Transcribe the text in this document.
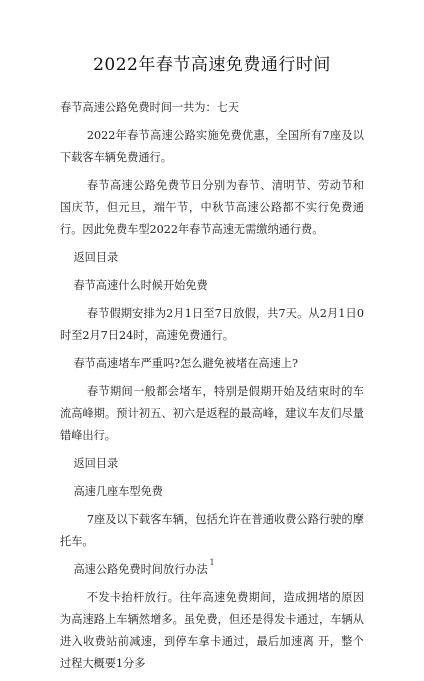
2022年春节高速免费通行时间

春节高速公路免费时间一共为：七天

2022年春节高速公路实施免费优惠，全国所有7座及以下载客车辆免费通行。

春节高速公路免费节日分别为春节、清明节、劳动节和国庆节，但元旦，端午节，中秋节高速公路都不实行免费通行。因此免费车型2022年春节高速无需缴纳通行费。

返回目录

春节高速什么时候开始免费

春节假期安排为2月1日至7日放假，共7天。从2月1日0时至2月7日24时，高速免费通行。

春节高速堵车严重吗?怎么避免被堵在高速上?

春节期间一般都会堵车，特别是假期开始及结束时的车流高峰期。预计初五、初六是返程的最高峰，建议车友们尽量错峰出行。

返回目录

高速几座车型免费

7座及以下载客车辆，包括允许在普通收费公路行驶的摩托车。

高速公路免费时间放行办法

不发卡抬杆放行。往年高速免费期间，造成拥堵的原因为高速路上车辆然增多。虽免费，但还是得发卡通过，车辆从进入收费站前减速，到停车拿卡通过，最后加速离 开，整个过程大概要1分多

1
